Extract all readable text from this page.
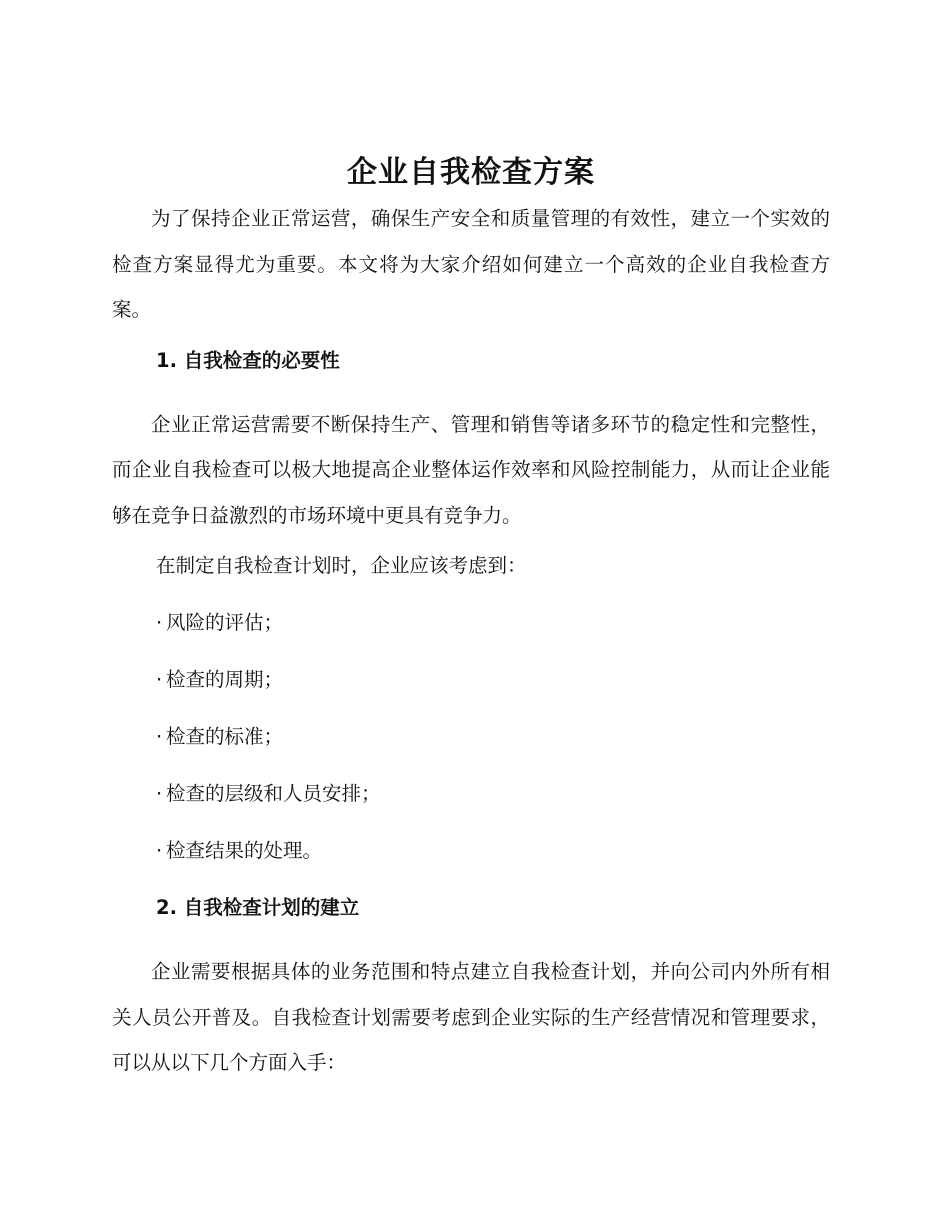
企业自我检查方案

为了保持企业正常运营，确保生产安全和质量管理的有效性，建立一个实效的检查方案显得尤为重要。本文将为大家介绍如何建立一个高效的企业自我检查方案。

1. 自我检查的必要性

企业正常运营需要不断保持生产、管理和销售等诸多环节的稳定性和完整性，而企业自我检查可以极大地提高企业整体运作效率和风险控制能力，从而让企业能够在竞争日益激烈的市场环境中更具有竞争力。

在制定自我检查计划时，企业应该考虑到：
· 风险的评估；
· 检查的周期；
· 检查的标准；
· 检查的层级和人员安排；
· 检查结果的处理。
2. 自我检查计划的建立

企业需要根据具体的业务范围和特点建立自我检查计划，并向公司内外所有相关人员公开普及。自我检查计划需要考虑到企业实际的生产经营情况和管理要求，可以从以下几个方面入手：
